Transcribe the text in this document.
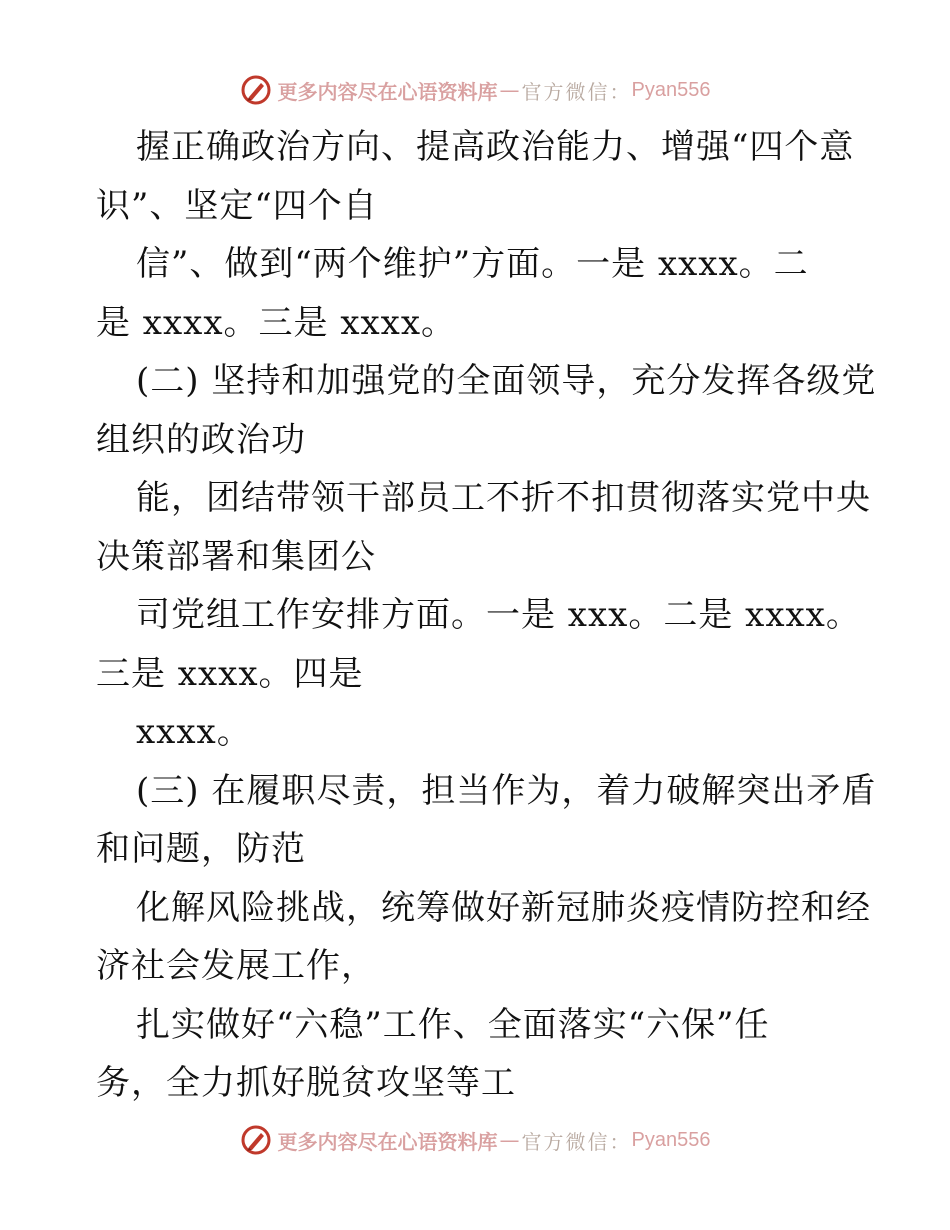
更多内容尽在心语资料库 — 官方微信： Pyan556
握正确政治方向、提高政治能力、增强“四个意
识”、坚定“四个自
信”、做到“两个维护”方面。一是 xxxx。二
是 xxxx。三是 xxxx。
(二) 坚持和加强党的全面领导，充分发挥各级党
组织的政治功
能，团结带领干部员工不折不扣贯彻落实党中央
决策部署和集团公
司党组工作安排方面。一是 xxx。二是 xxxx。
三是 xxxx。四是
xxxx。
(三) 在履职尽责，担当作为，着力破解突出矛盾
和问题，防范
化解风险挑战，统筹做好新冠肺炎疫情防控和经
济社会发展工作，
扎实做好“六稳”工作、全面落实“六保”任
务，全力抓好脱贫攻坚等工
更多内容尽在心语资料库 — 官方微信： Pyan556
